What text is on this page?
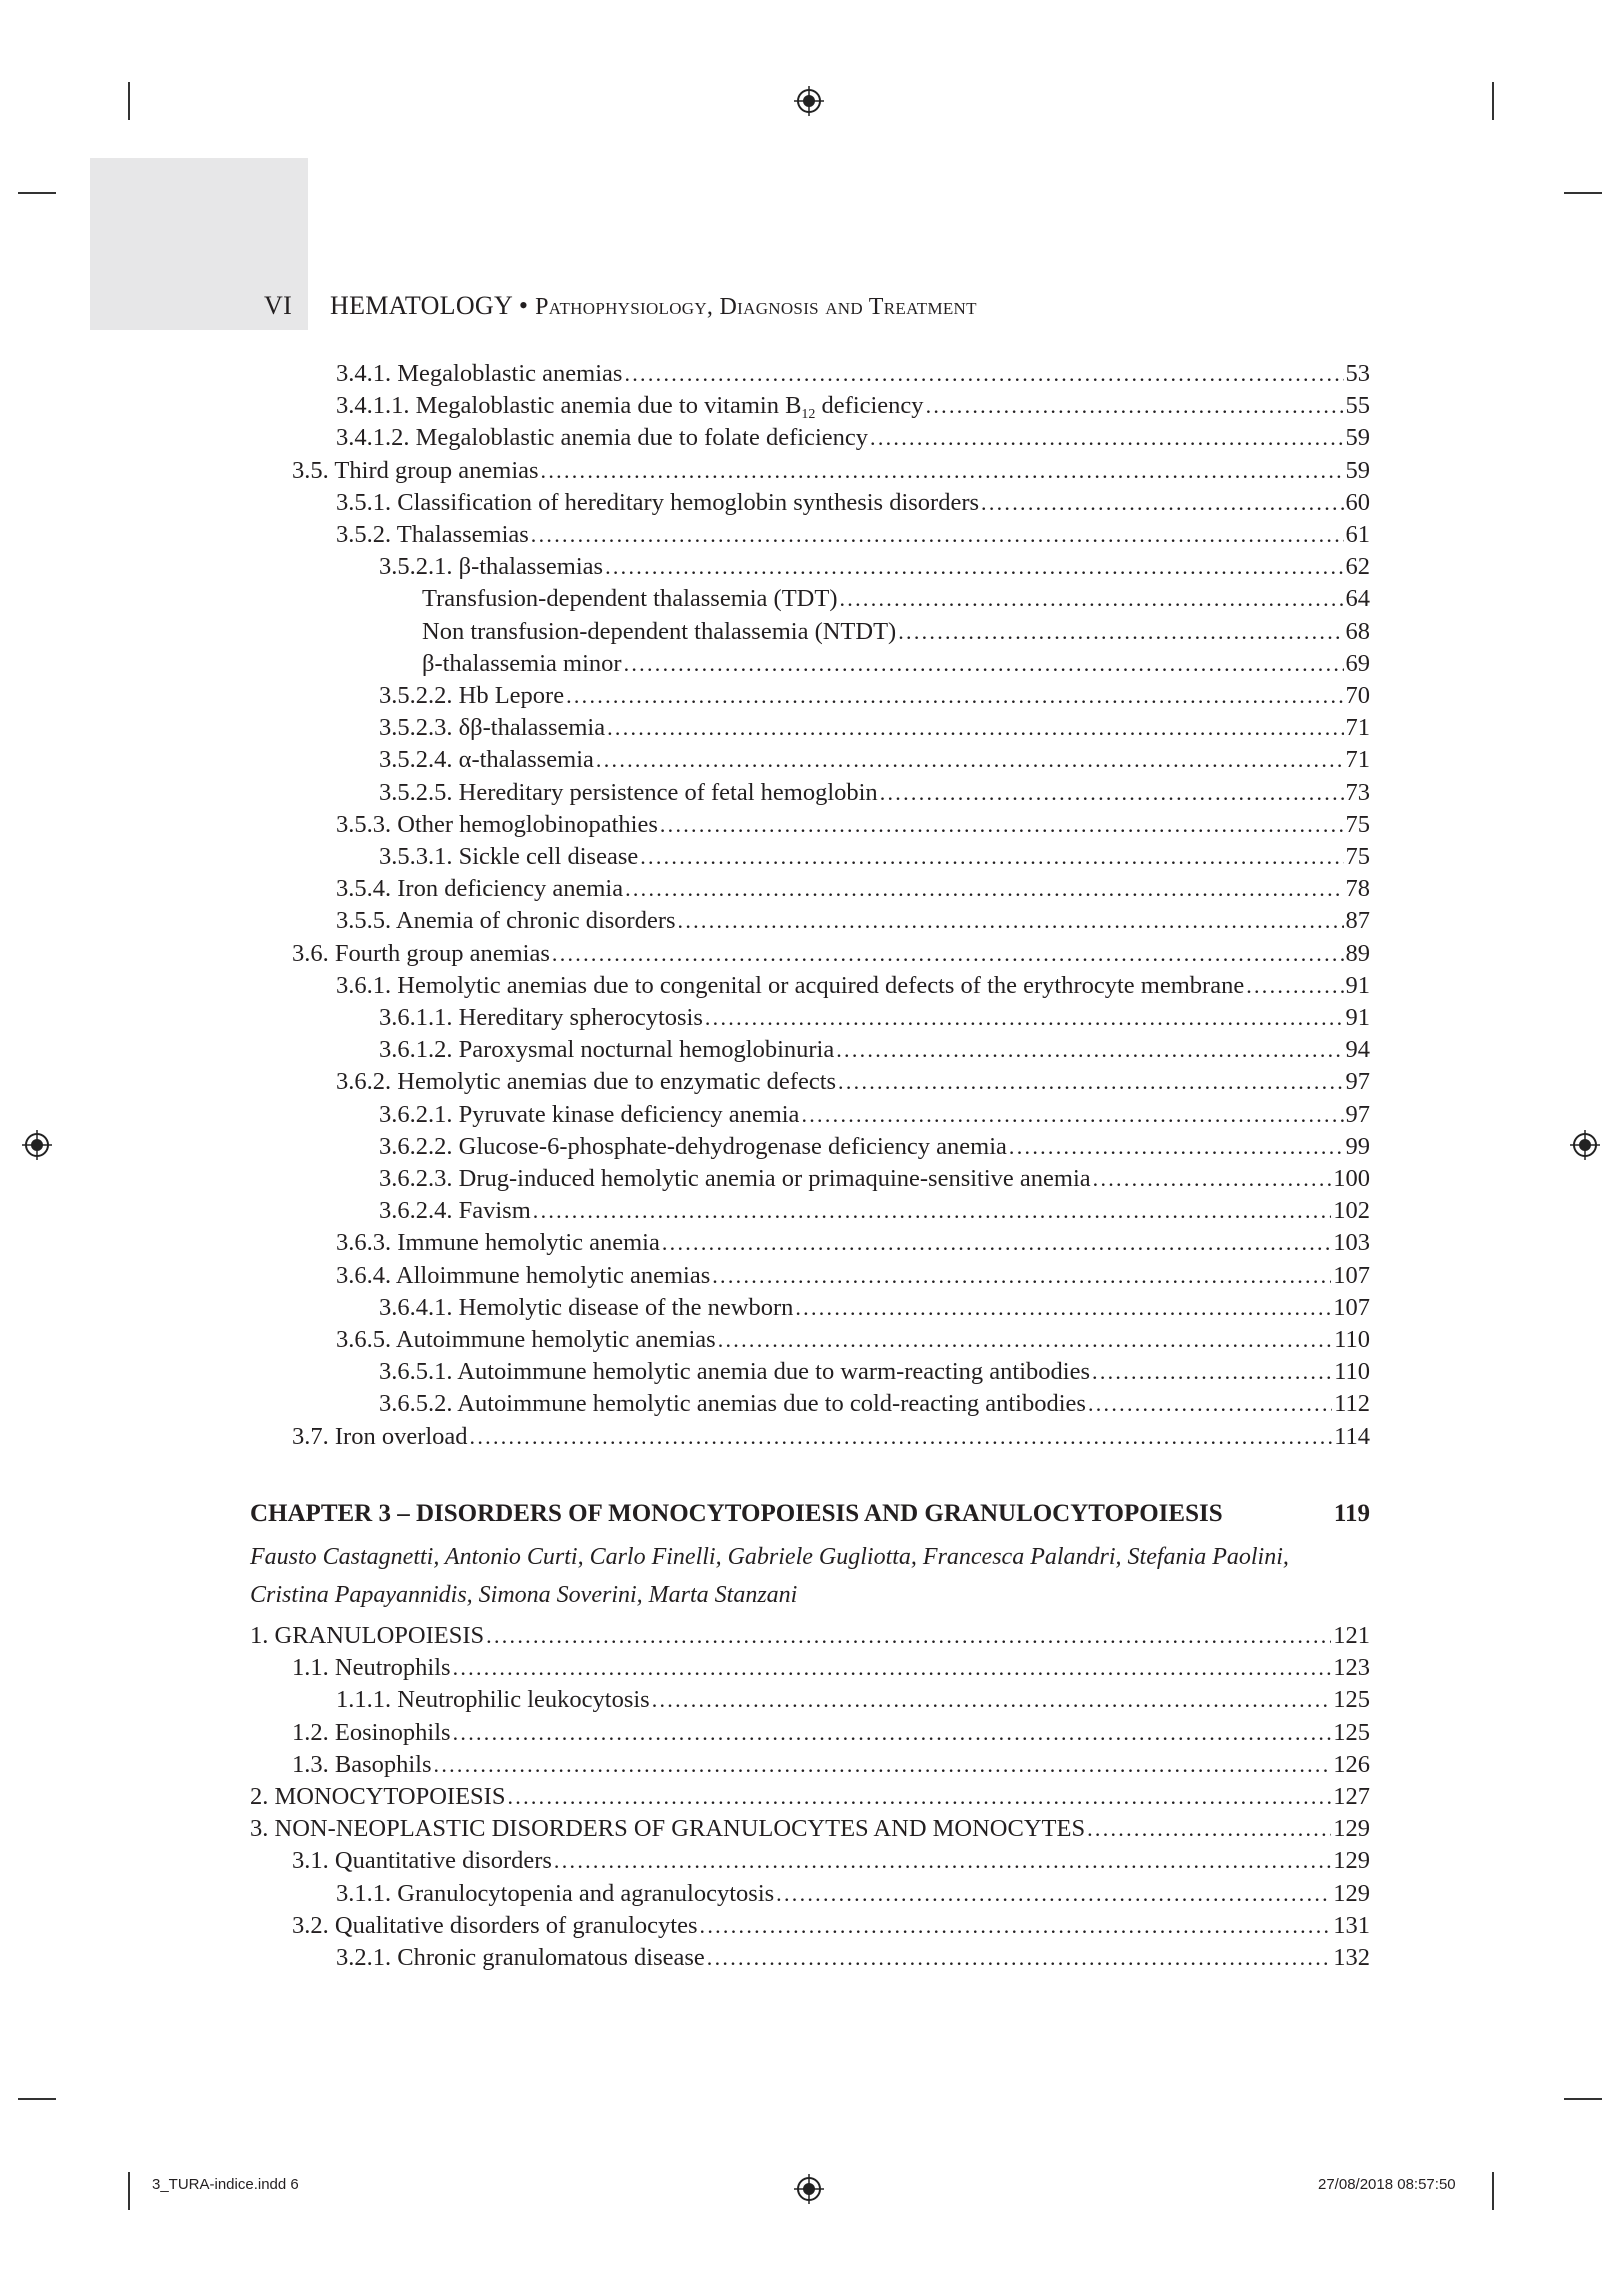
VI HEMATOLOGY • Pathophysiology, Diagnosis and Treatment
3.4.1. Megaloblastic anemias . . .	53
3.4.1.1. Megaloblastic anemia due to vitamin $B_{12}$ deficiency . . .	55
3.4.1.2. Megaloblastic anemia due to folate deficiency . . .	59
3.5. Third group anemias . . .	59
3.5.1. Classification of hereditary hemoglobin synthesis disorders . . .	60
3.5.2. Thalassemias . . .	61
3.5.2.1. β-thalassemias . . .	62
Transfusion-dependent thalassemia (TDT) . . .	64
Non transfusion-dependent thalassemia (NTDT) . . .	68
β-thalassemia minor . . .	69
3.5.2.2. Hb Lepore . . .	70
3.5.2.3. δβ-thalassemia . . .	71
3.5.2.4. α-thalassemia . . .	71
3.5.2.5. Hereditary persistence of fetal hemoglobin . . .	73
3.5.3. Other hemoglobinopathies . . .	75
3.5.3.1. Sickle cell disease . . .	75
3.5.4. Iron deficiency anemia . . .	78
3.5.5. Anemia of chronic disorders . . .	87
3.6. Fourth group anemias . . .	89
3.6.1. Hemolytic anemias due to congenital or acquired defects of the erythrocyte membrane . . .	91
3.6.1.1. Hereditary spherocytosis . . .	91
3.6.1.2. Paroxysmal nocturnal hemoglobinuria . . .	94
3.6.2. Hemolytic anemias due to enzymatic defects . . .	97
3.6.2.1. Pyruvate kinase deficiency anemia . . .	97
3.6.2.2. Glucose-6-phosphate-dehydrogenase deficiency anemia . . .	99
3.6.2.3. Drug-induced hemolytic anemia or primaquine-sensitive anemia . . .	100
3.6.2.4. Favism . . .	102
3.6.3. Immune hemolytic anemia . . .	103
3.6.4. Alloimmune hemolytic anemias . . .	107
3.6.4.1. Hemolytic disease of the newborn . . .	107
3.6.5. Autoimmune hemolytic anemias . . .	110
3.6.5.1. Autoimmune hemolytic anemia due to warm-reacting antibodies . . .	110
3.6.5.2. Autoimmune hemolytic anemias due to cold-reacting antibodies . . .	112
3.7. Iron overload . . .	114
CHAPTER 3 – DISORDERS OF MONOCYTOPOIESIS AND GRANULOCYTOPOIESIS	119
Fausto Castagnetti, Antonio Curti, Carlo Finelli, Gabriele Gugliotta, Francesca Palandri, Stefania Paolini,
Cristina Papayannidis, Simona Soverini, Marta Stanzani
1. GRANULOPOIESIS . . .	121
1.1. Neutrophils . . .	123
1.1.1. Neutrophilic leukocytosis . . .	125
1.2. Eosinophils . . .	125
1.3. Basophils . . .	126
2. MONOCYTOPOIESIS . . .	127
3. NON-NEOPLASTIC DISORDERS OF GRANULOCYTES AND MONOCYTES . . .	129
3.1. Quantitative disorders . . .	129
3.1.1. Granulocytopenia and agranulocytosis . . .	129
3.2. Qualitative disorders of granulocytes . . .	131
3.2.1. Chronic granulomatous disease . . .	132
3_TURA-indice.indd 6	27/08/2018 08:57:50
